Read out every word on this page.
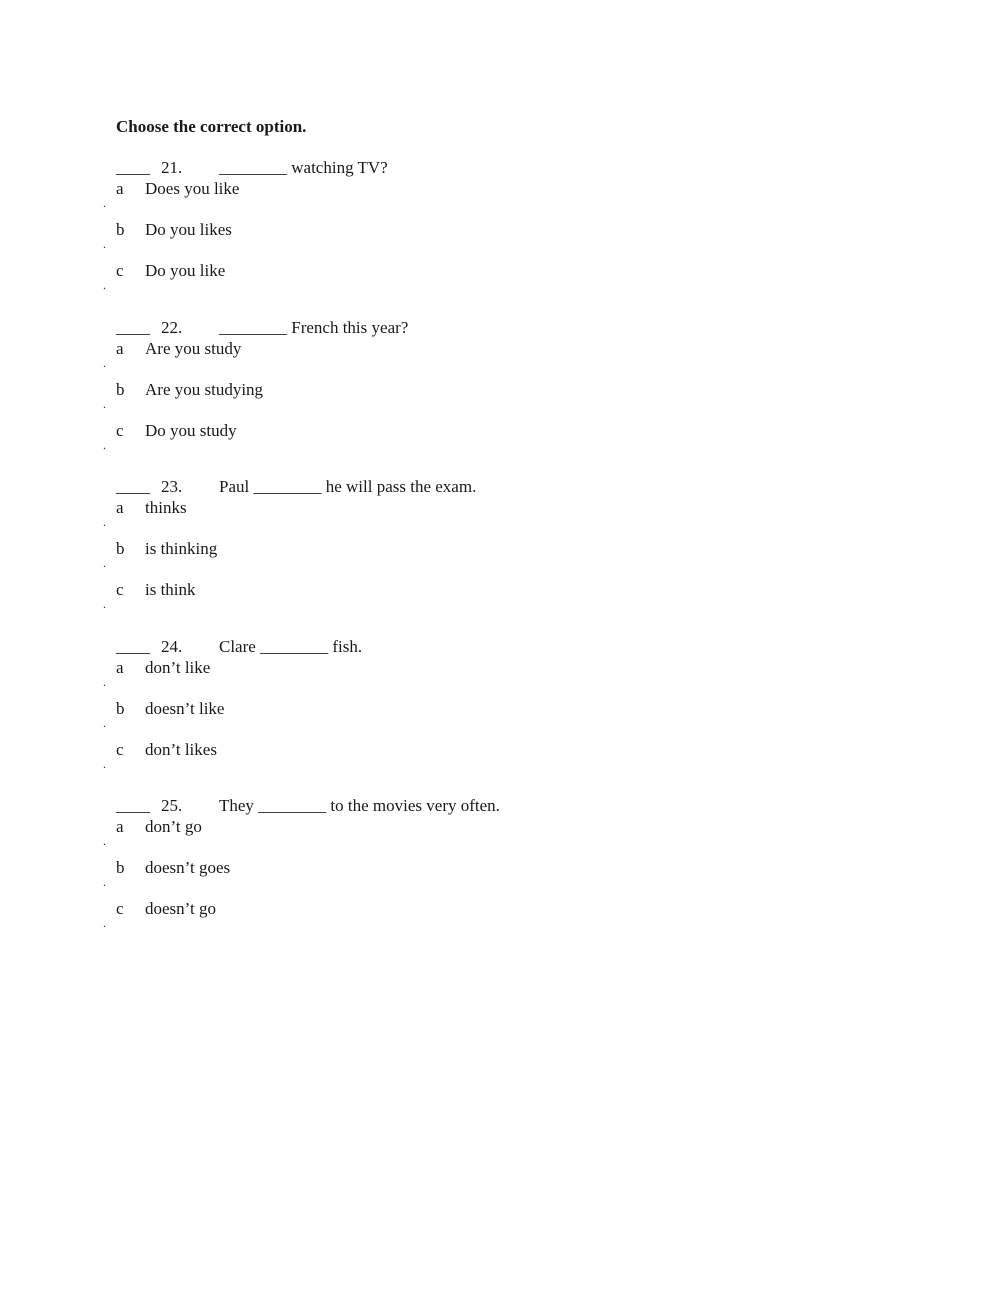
Choose the correct option.

____ 21. ________ watching TV?
a
.
Does you like
b
.
Do you likes
c
.
Do you like
____ 22. ________ French this year?
a
.
Are you study
b
.
Are you studying
c
.
Do you study
____ 23. Paul ________ he will pass the exam.
a
.
thinks
b
.
is thinking
c
.
is think
____ 24. Clare ________ fish.
a
.
don’t like
b
.
doesn’t like
c
.
don’t likes
____ 25. They ________ to the movies very often.
a
.
don’t go
b
.
doesn’t goes
c
.
doesn’t go
